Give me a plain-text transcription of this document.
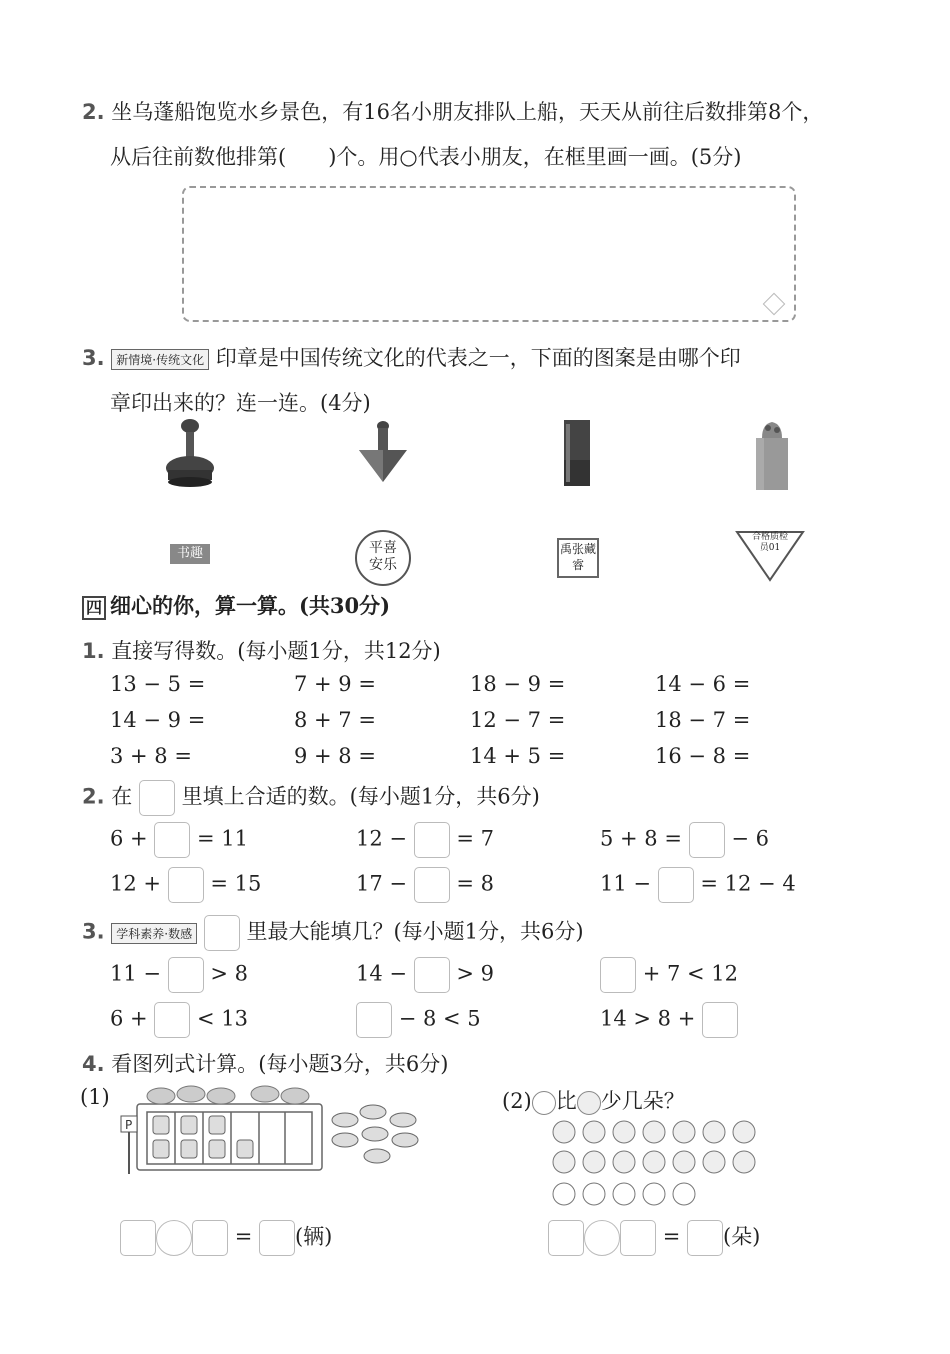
2. 坐乌蓬船饱览水乡景色，有16名小朋友排队上船，天天从前往后数排第8个，
从后往前数他排第(　　)个。用○代表小朋友，在框里画一画。(5分)
3. 新情境·传统文化 印章是中国传统文化的代表之一，下面的图案是由哪个印
章印出来的？连一连。(4分)
书趣	平喜安乐
禹张藏睿
合格质检员01
四 细心的你，算一算。(共30分)
1. 直接写得数。(每小题1分，共12分)
13 − 5 =	7 + 9 =	18 − 9 =	14 − 6 =
14 − 9 =	8 + 7 =	12 − 7 =	18 − 7 =
3 + 8 =	9 + 8 =	14 + 5 =	16 − 8 =
2. 在 里填上合适的数。(每小题1分，共6分)
6 + = 11	12 − = 7	5 + 8 = − 6
12 + = 15	17 − = 8	11 − = 12 − 4
3. 学科素养·数感	里最大能填几？(每小题1分，共6分)
11 − > 8	14 − > 9	+ 7 < 12
6 + < 13	− 8 < 5	14 > 8 +
4. 看图列式计算。(每小题3分，共6分)
(1)
P
(2) 比 少几朵？
= (辆)	= (朵)
